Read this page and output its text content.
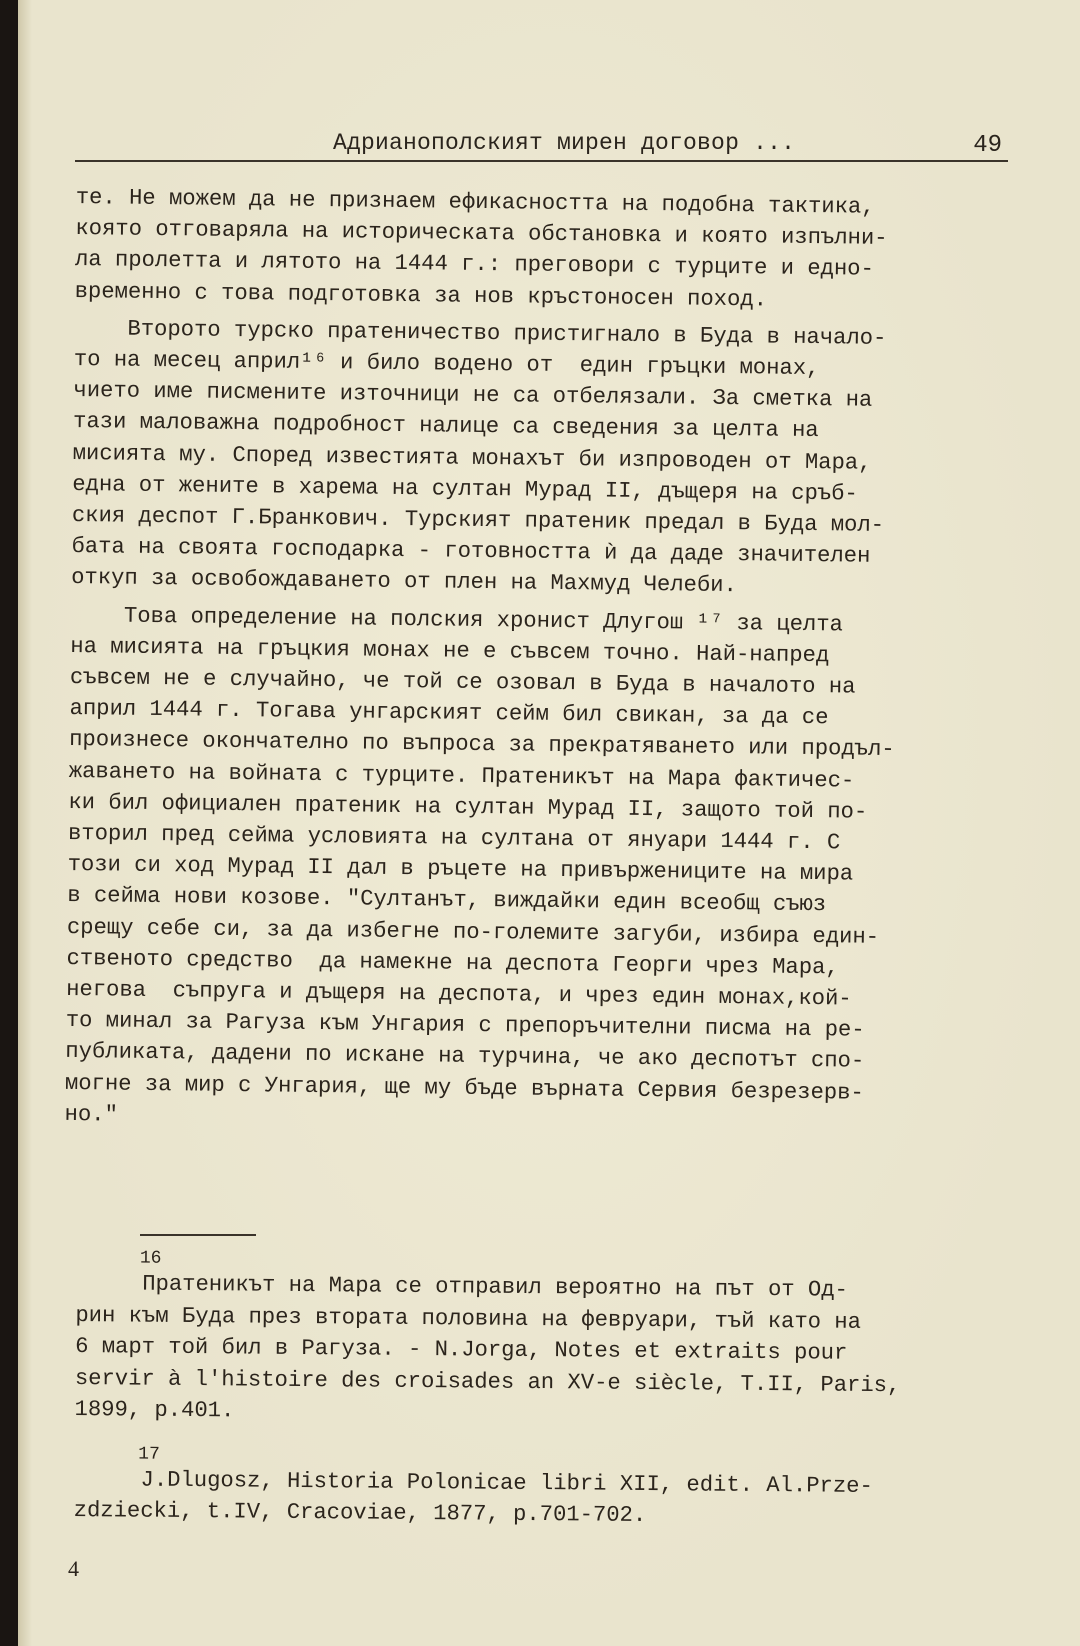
Адрианополският мирен договор ...	49

те. Не можем да не признаем ефикасността на подобна тактика,

която отговаряла на историческата обстановка и която изпълни-

ла пролетта и лятото на 1444 г.: преговори с турците и едно-

временно с това подготовка за нов кръстоносен поход.

Второто турско пратеничество пристигнало в Буда в начало-

то на месец април¹⁶ и било водено от  един гръцки монах,

чието име писмените източници не са отбелязали. За сметка на

тази маловажна подробност налице са сведения за целта на

мисията му. Според известията монахът би изпроводен от Мара,

една от жените в харема на султан Мурад II, дъщеря на сръб-

ския деспот Г.Бранкович. Турският пратеник предал в Буда мол-

бата на своята господарка - готовността ѝ да даде значителен

откуп за освобождаването от плен на Махмуд Челеби.

Това определение на полския хронист Длугош ¹⁷ за целта

на мисията на гръцкия монах не е съвсем точно. Най-напред

съвсем не е случайно, че той се озовал в Буда в началото на

април 1444 г. Тогава унгарският сейм бил свикан, за да се

произнесе окончателно по въпроса за прекратяването или продъл-

жаването на войната с турците. Пратеникът на Мара фактичес-

ки бил официален пратеник на султан Мурад II, защото той по-

вторил пред сейма условията на султана от януари 1444 г. С

този си ход Мурад II дал в ръцете на привържениците на мира

в сейма нови козове. "Султанът, виждайки един всеобщ съюз

срещу себе си, за да избегне по-големите загуби, избира един-

ственото средство  да намекне на деспота Георги чрез Мара,

негова  съпруга и дъщеря на деспота, и чрез един монах,кой-

то минал за Рагуза към Унгария с препоръчителни писма на ре-

публиката, дадени по искане на турчина, че ако деспотът спо-

могне за мир с Унгария, ще му бъде върната Сервия безрезерв-

но."

16
Пратеникът на Мара се отправил вероятно на път от Од-
рин към Буда през втората половина на февруари, тъй като на
6 март той бил в Рагуза. - N.Jorga, Notes et extraits pour
servir à l'histoire des croisades an XV-e siècle, T.II, Paris,
1899, p.401.
17
J.Dlugosz, Historia Polonicae libri XII, edit. Al.Prze-
zdziecki, t.IV, Cracoviae, 1877, p.701-702.
4
